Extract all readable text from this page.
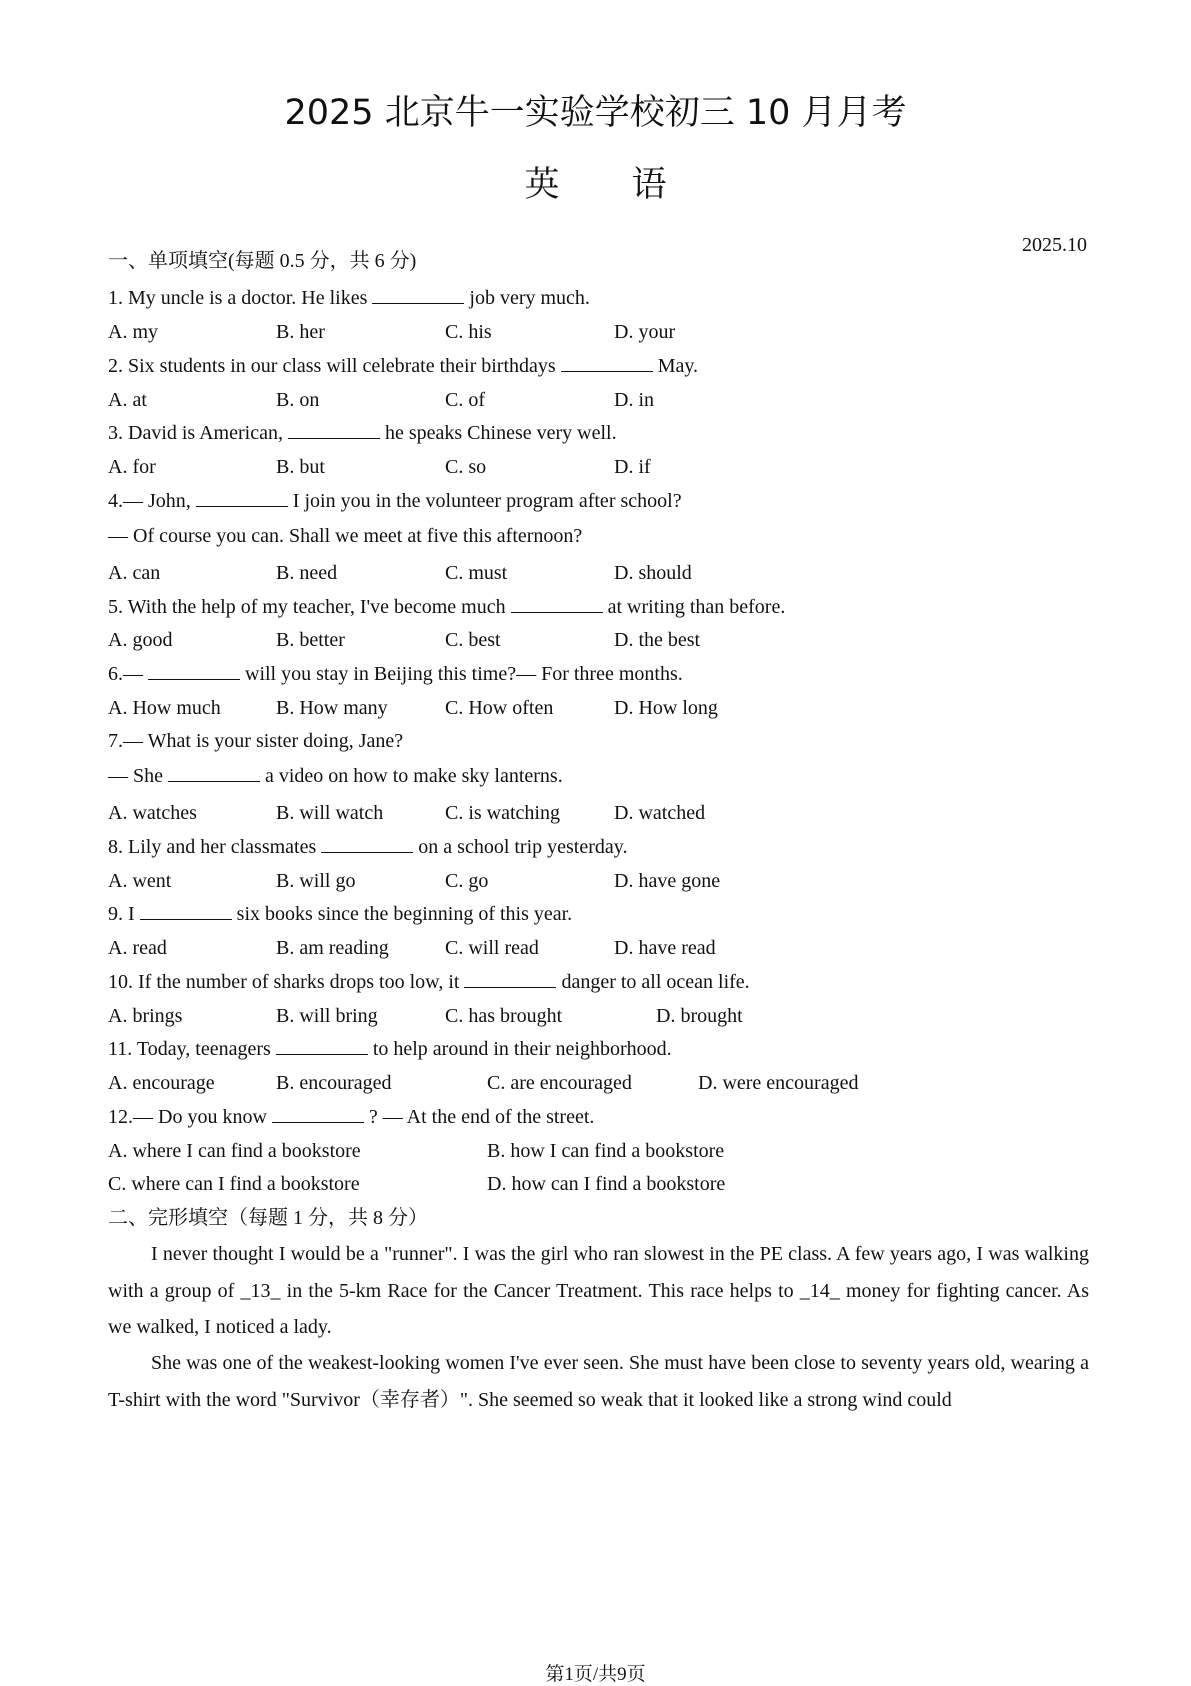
2025 北京牛一实验学校初三 10 月月考
英语
2025.10
一、单项填空(每题 0.5 分，共 6 分)
1. My uncle is a doctor. He likes	job very much.
A. my	B. her	C. his	D. your
2. Six students in our class will celebrate their birthdays	May.
A. at	B. on	C. of	D. in
3. David is American,	he speaks Chinese very well.
A. for	B. but	C. so	D. if
4.— John,	I join you in the volunteer program after school?
— Of course you can. Shall we meet at five this afternoon?
A. can	B. need	C. must	D. should
5. With the help of my teacher, I've become much	at writing than before.
A. good	B. better	C. best	D. the best
6.—	will you stay in Beijing this time?— For three months.
A. How much	B. How many	C. How often	D. How long
7.— What is your sister doing, Jane?
— She	a video on how to make sky lanterns.
A. watches	B. will watch	C. is watching	D. watched
8. Lily and her classmates	on a school trip yesterday.
A. went	B. will go	C. go	D. have gone
9. I	six books since the beginning of this year.
A. read	B. am reading	C. will read	D. have read
10. If the number of sharks drops too low, it	danger to all ocean life.
A. brings	B. will bring	C. has brought	D. brought
11. Today, teenagers	to help around in their neighborhood.
A. encourage	B. encouraged	C. are encouraged	D. were encouraged
12.— Do you know	? — At the end of the street.
A. where I can find a bookstore	B. how I can find a bookstore
C. where can I find a bookstore	D. how can I find a bookstore
二、完形填空（每题 1 分，共 8 分）
I never thought I would be a "runner". I was the girl who ran slowest in the PE class. A few years ago, I was walking with a group of _13_ in the 5-km Race for the Cancer Treatment. This race helps to _14_ money for fighting cancer. As we walked, I noticed a lady.
She was one of the weakest-looking women I've ever seen. She must have been close to seventy years old, wearing a T-shirt with the word "Survivor（幸存者）". She seemed so weak that it looked like a strong wind could
第1页/共9页
